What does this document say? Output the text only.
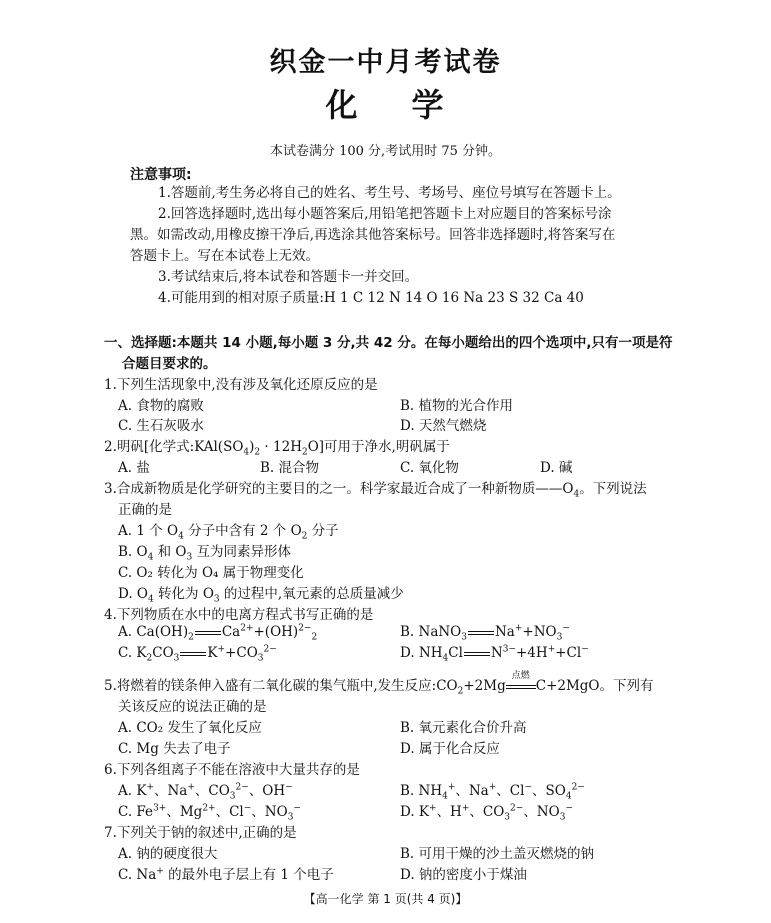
织金一中月考试卷
化 学
本试卷满分 100 分,考试用时 75 分钟。
注意事项:
1.答题前,考生务必将自己的姓名、考生号、考场号、座位号填写在答题卡上。
2.回答选择题时,选出每小题答案后,用铅笔把答题卡上对应题目的答案标号涂
黑。如需改动,用橡皮擦干净后,再选涂其他答案标号。回答非选择题时,将答案写在
答题卡上。写在本试卷上无效。
3.考试结束后,将本试卷和答题卡一并交回。
4.可能用到的相对原子质量:H 1 C 12 N 14 O 16 Na 23 S 32 Ca 40
一、选择题:本题共 14 小题,每小题 3 分,共 42 分。在每小题给出的四个选项中,只有一项是符
合题目要求的。
1.下列生活现象中,没有涉及氧化还原反应的是
A. 食物的腐败	B. 植物的光合作用
C. 生石灰吸水	D. 天然气燃烧
2.明矾[化学式$:KAl(SO_4)_2 \cdot 12H_2O$]可用于净水,明矾属于
A. 盐	B. 混合物	C. 氧化物	D. 碱
3.合成新物质是化学研究的主要目的之一。科学家最近合成了一种新物质$——O_4$。下列说法
正确的是
A. 1 个 $O_4$ 分子中含有 2 个 $O_2$ 分子
B. $O_4$ 和 $O_3$ 互为同素异形体
C. O₂ 转化为 O₄ 属于物理变化
D. $O_4$ 转化为 $O_3$ 的过程中,氧元素的总质量减少
4.下列物质在水中的电离方程式书写正确的是
A. $Ca(OH)_2$ $Ca^{2+}+(OH)^{2-}_2$	B. NaNO$_3$ $Na^++NO_3^-$
C. $K_2CO_3$ $K^++CO_3^{2-}$	D. $NH_4Cl$ $N^{3-}+4H^++Cl^-$
5.将燃着的镁条伸入盛有二氧化碳的集气瓶中,发生反应$:CO_2+2Mg$
点燃
C+2MgO。下列有
关该反应的说法正确的是
A. CO₂ 发生了氧化反应	B. 氧元素化合价升高
C. Mg 失去了电子	D. 属于化合反应
6.下列各组离子不能在溶液中大量共存的是
A. K+、Na+、$CO_3^{2-}$、OH−	B. $NH_4^+$、Na+、Cl−、$SO_4^{2-}$
C. $Fe^{3+}$、$Mg^{2+}$、Cl−、$NO_3^-$	D. K+、H+、$CO_3^{2-}$、$NO_3^-$
7.下列关于钠的叙述中,正确的是
A. 钠的硬度很大	B. 可用干燥的沙土盖灭燃烧的钠
C. Na+ 的最外电子层上有 1 个电子	D. 钠的密度小于煤油
【高一化学 第 1 页(共 4 页)】
